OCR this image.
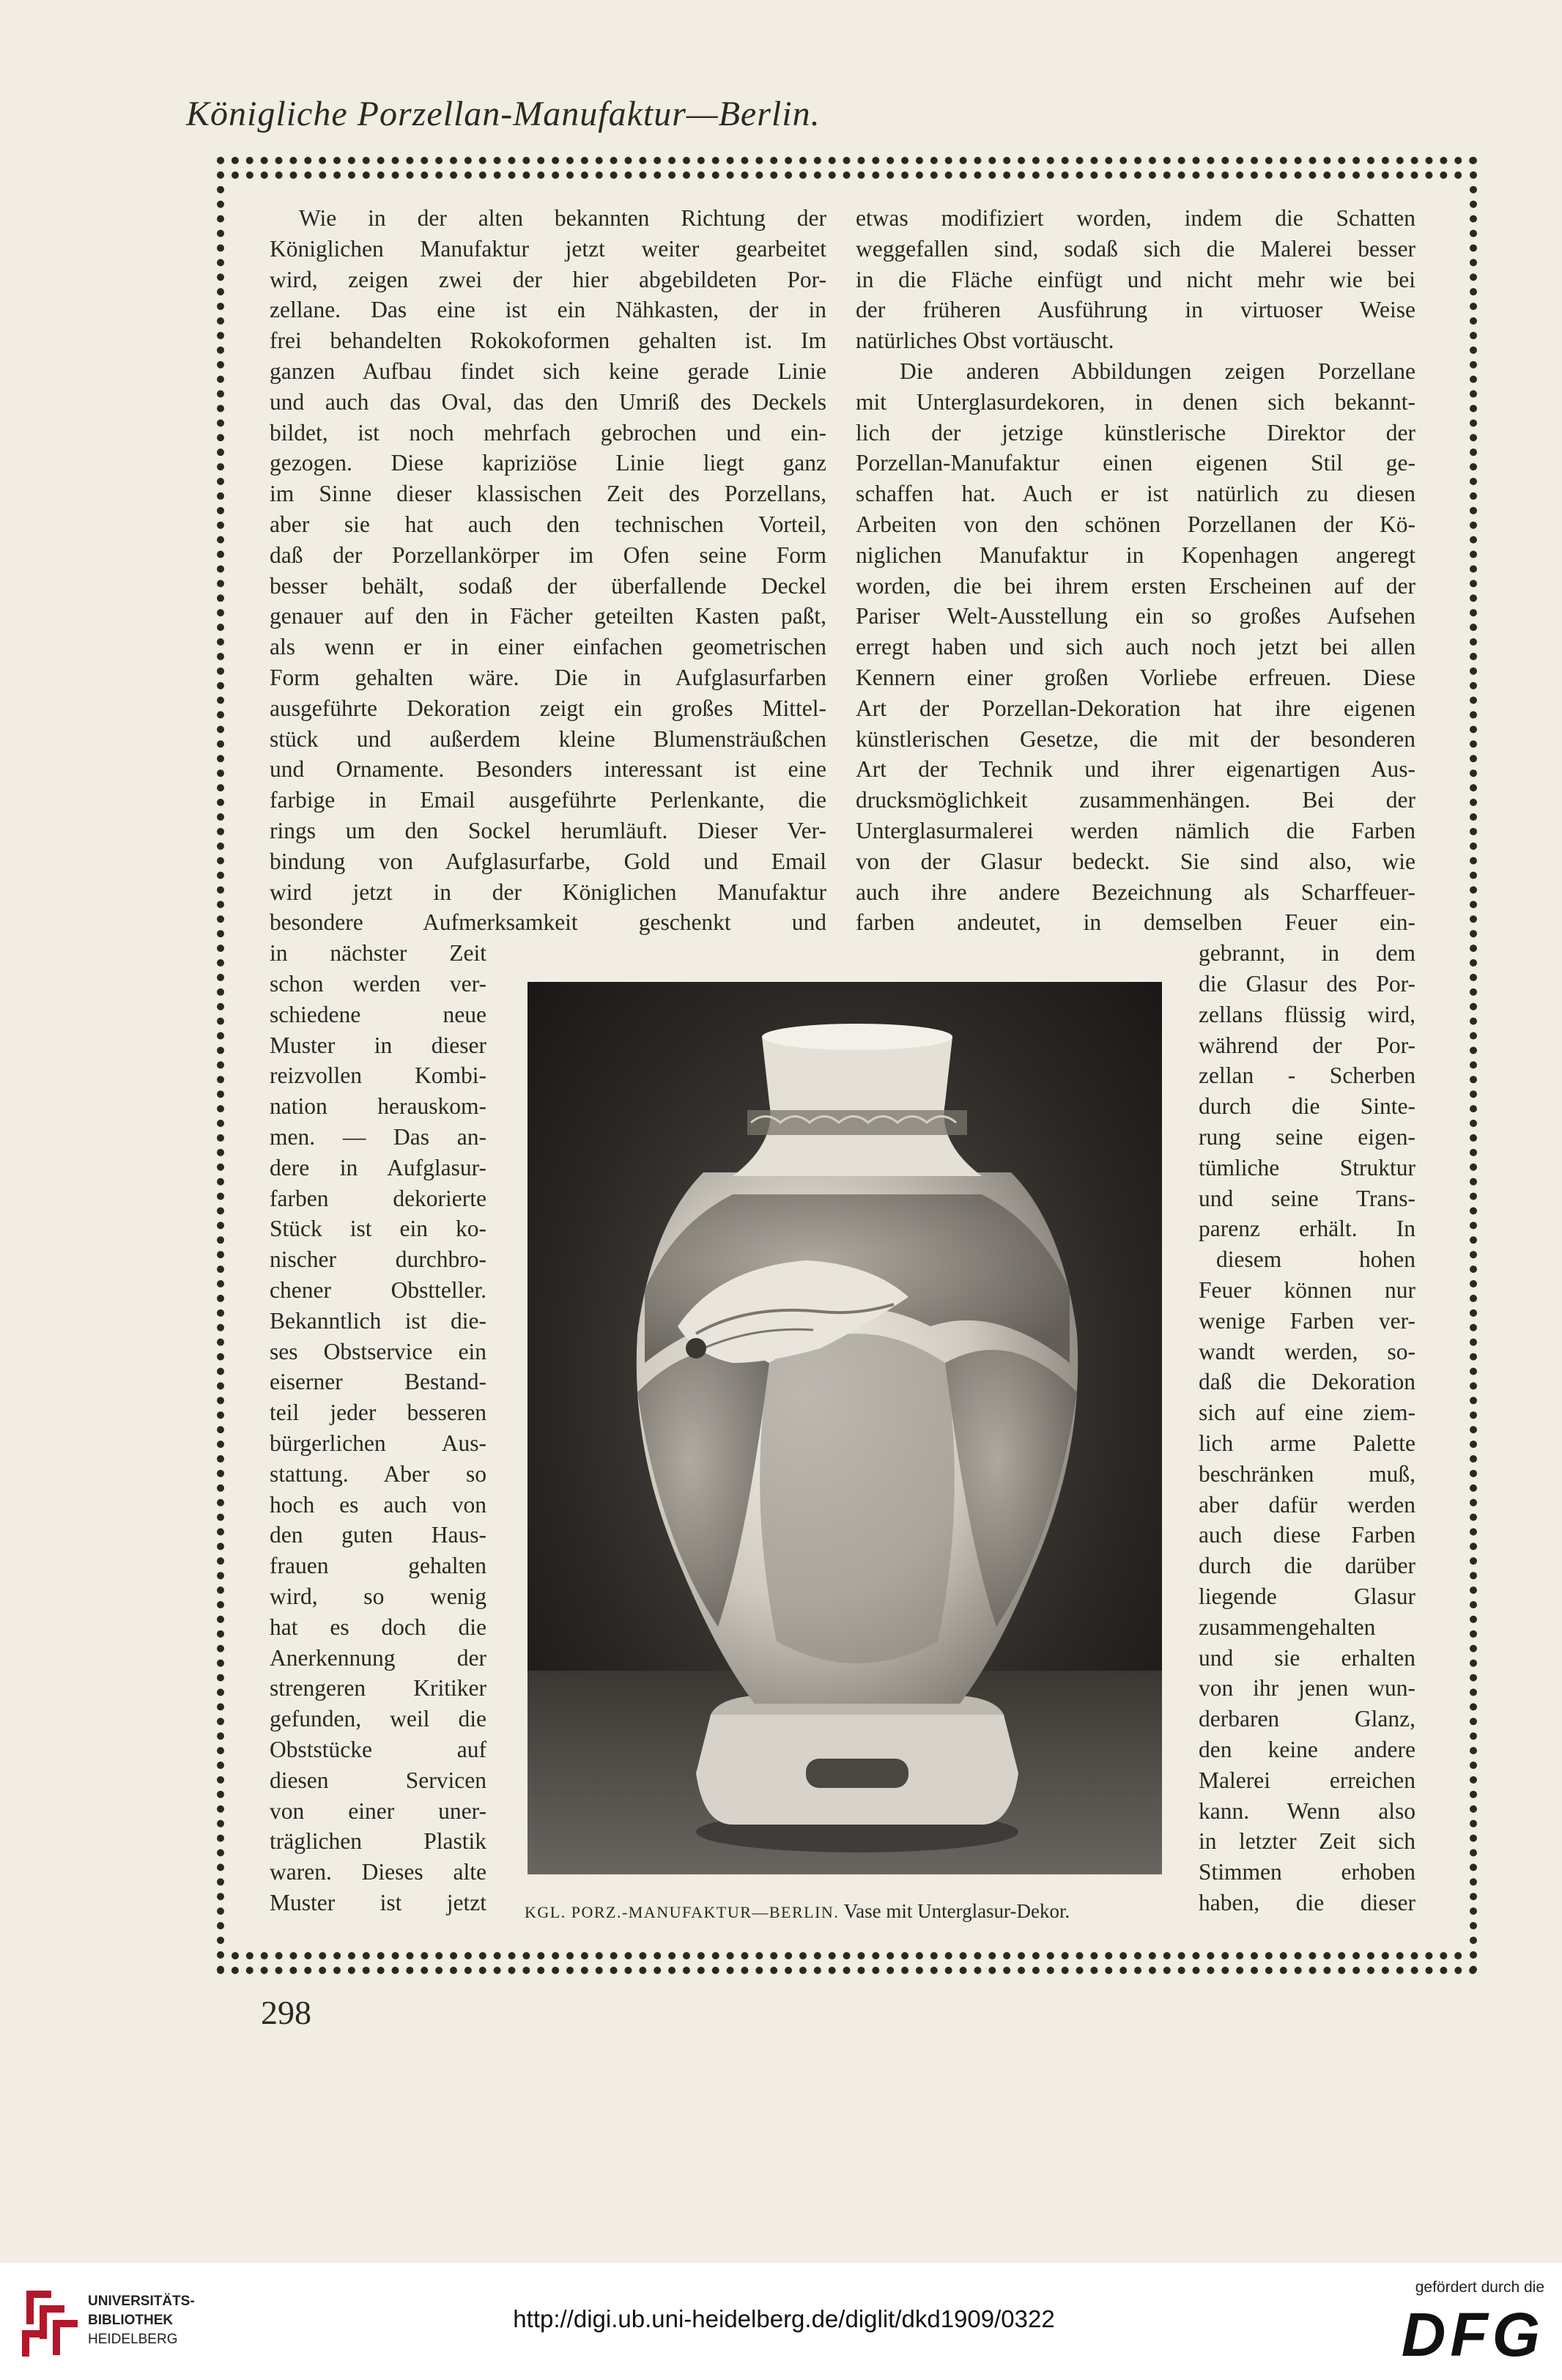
Königliche Porzellan-Manufaktur—Berlin.
Wie in der alten bekannten Richtung der
Königlichen Manufaktur jetzt weiter gearbeitet
wird, zeigen zwei der hier abgebildeten Por-
zellane. Das eine ist ein Nähkasten, der in
frei behandelten Rokokoformen gehalten ist. Im
ganzen Aufbau findet sich keine gerade Linie
und auch das Oval, das den Umriß des Deckels
bildet, ist noch mehrfach gebrochen und ein-
gezogen. Diese kapriziöse Linie liegt ganz
im Sinne dieser klassischen Zeit des Porzellans,
aber sie hat auch den technischen Vorteil,
daß der Porzellankörper im Ofen seine Form
besser behält, sodaß der überfallende Deckel
genauer auf den in Fächer geteilten Kasten paßt,
als wenn er in einer einfachen geometrischen
Form gehalten wäre. Die in Aufglasurfarben
ausgeführte Dekoration zeigt ein großes Mittel-
stück und außerdem kleine Blumensträußchen
und Ornamente. Besonders interessant ist eine
farbige in Email ausgeführte Perlenkante, die
rings um den Sockel herumläuft. Dieser Ver-
bindung von Aufglasurfarbe, Gold und Email
wird jetzt in der Königlichen Manufaktur
besondere Aufmerksamkeit geschenkt und
in nächster Zeit
schon werden ver-
schiedene neue
Muster in dieser
reizvollen Kombi-
nation herauskom-
men. — Das an-
dere in Aufglasur-
farben dekorierte
Stück ist ein ko-
nischer durchbro-
chener Obstteller.
Bekanntlich ist die-
ses Obstservice ein
eiserner Bestand-
teil jeder besseren
bürgerlichen Aus-
stattung. Aber so
hoch es auch von
den guten Haus-
frauen gehalten
wird, so wenig
hat es doch die
Anerkennung der
strengeren Kritiker
gefunden, weil die
Obststücke auf
diesen Servicen
von einer uner-
träglichen Plastik
waren. Dieses alte
Muster ist jetzt
etwas modifiziert worden, indem die Schatten
weggefallen sind, sodaß sich die Malerei besser
in die Fläche einfügt und nicht mehr wie bei
der früheren Ausführung in virtuoser Weise
natürliches Obst vortäuscht.
Die anderen Abbildungen zeigen Porzellane
mit Unterglasurdekoren, in denen sich bekannt-
lich der jetzige künstlerische Direktor der
Porzellan-Manufaktur einen eigenen Stil ge-
schaffen hat. Auch er ist natürlich zu diesen
Arbeiten von den schönen Porzellanen der Kö-
niglichen Manufaktur in Kopenhagen angeregt
worden, die bei ihrem ersten Erscheinen auf der
Pariser Welt-Ausstellung ein so großes Aufsehen
erregt haben und sich auch noch jetzt bei allen
Kennern einer großen Vorliebe erfreuen. Diese
Art der Porzellan-Dekoration hat ihre eigenen
künstlerischen Gesetze, die mit der besonderen
Art der Technik und ihrer eigenartigen Aus-
drucksmöglichkeit zusammenhängen. Bei der
Unterglasurmalerei werden nämlich die Farben
von der Glasur bedeckt. Sie sind also, wie
auch ihre andere Bezeichnung als Scharffeuer-
farben andeutet, in demselben Feuer ein-
gebrannt, in dem
die Glasur des Por-
zellans flüssig wird,
während der Por-
zellan - Scherben
durch die Sinte-
rung seine eigen-
tümliche Struktur
und seine Trans-
parenz erhält. In
diesem hohen
Feuer können nur
wenige Farben ver-
wandt werden, so-
daß die Dekoration
sich auf eine ziem-
lich arme Palette
beschränken muß,
aber dafür werden
auch diese Farben
durch die darüber
liegende Glasur
zusammengehalten
und sie erhalten
von ihr jenen wun-
derbaren Glanz,
den keine andere
Malerei erreichen
kann. Wenn also
in letzter Zeit sich
Stimmen erhoben
haben, die dieser
KGL. PORZ.-MANUFAKTUR—BERLIN. Vase mit Unterglasur-Dekor.
298
UNIVERSITÄTS-
BIBLIOTHEK
HEIDELBERG
http://digi.ub.uni-heidelberg.de/diglit/dkd1909/0322
gefördert durch die
DFG
